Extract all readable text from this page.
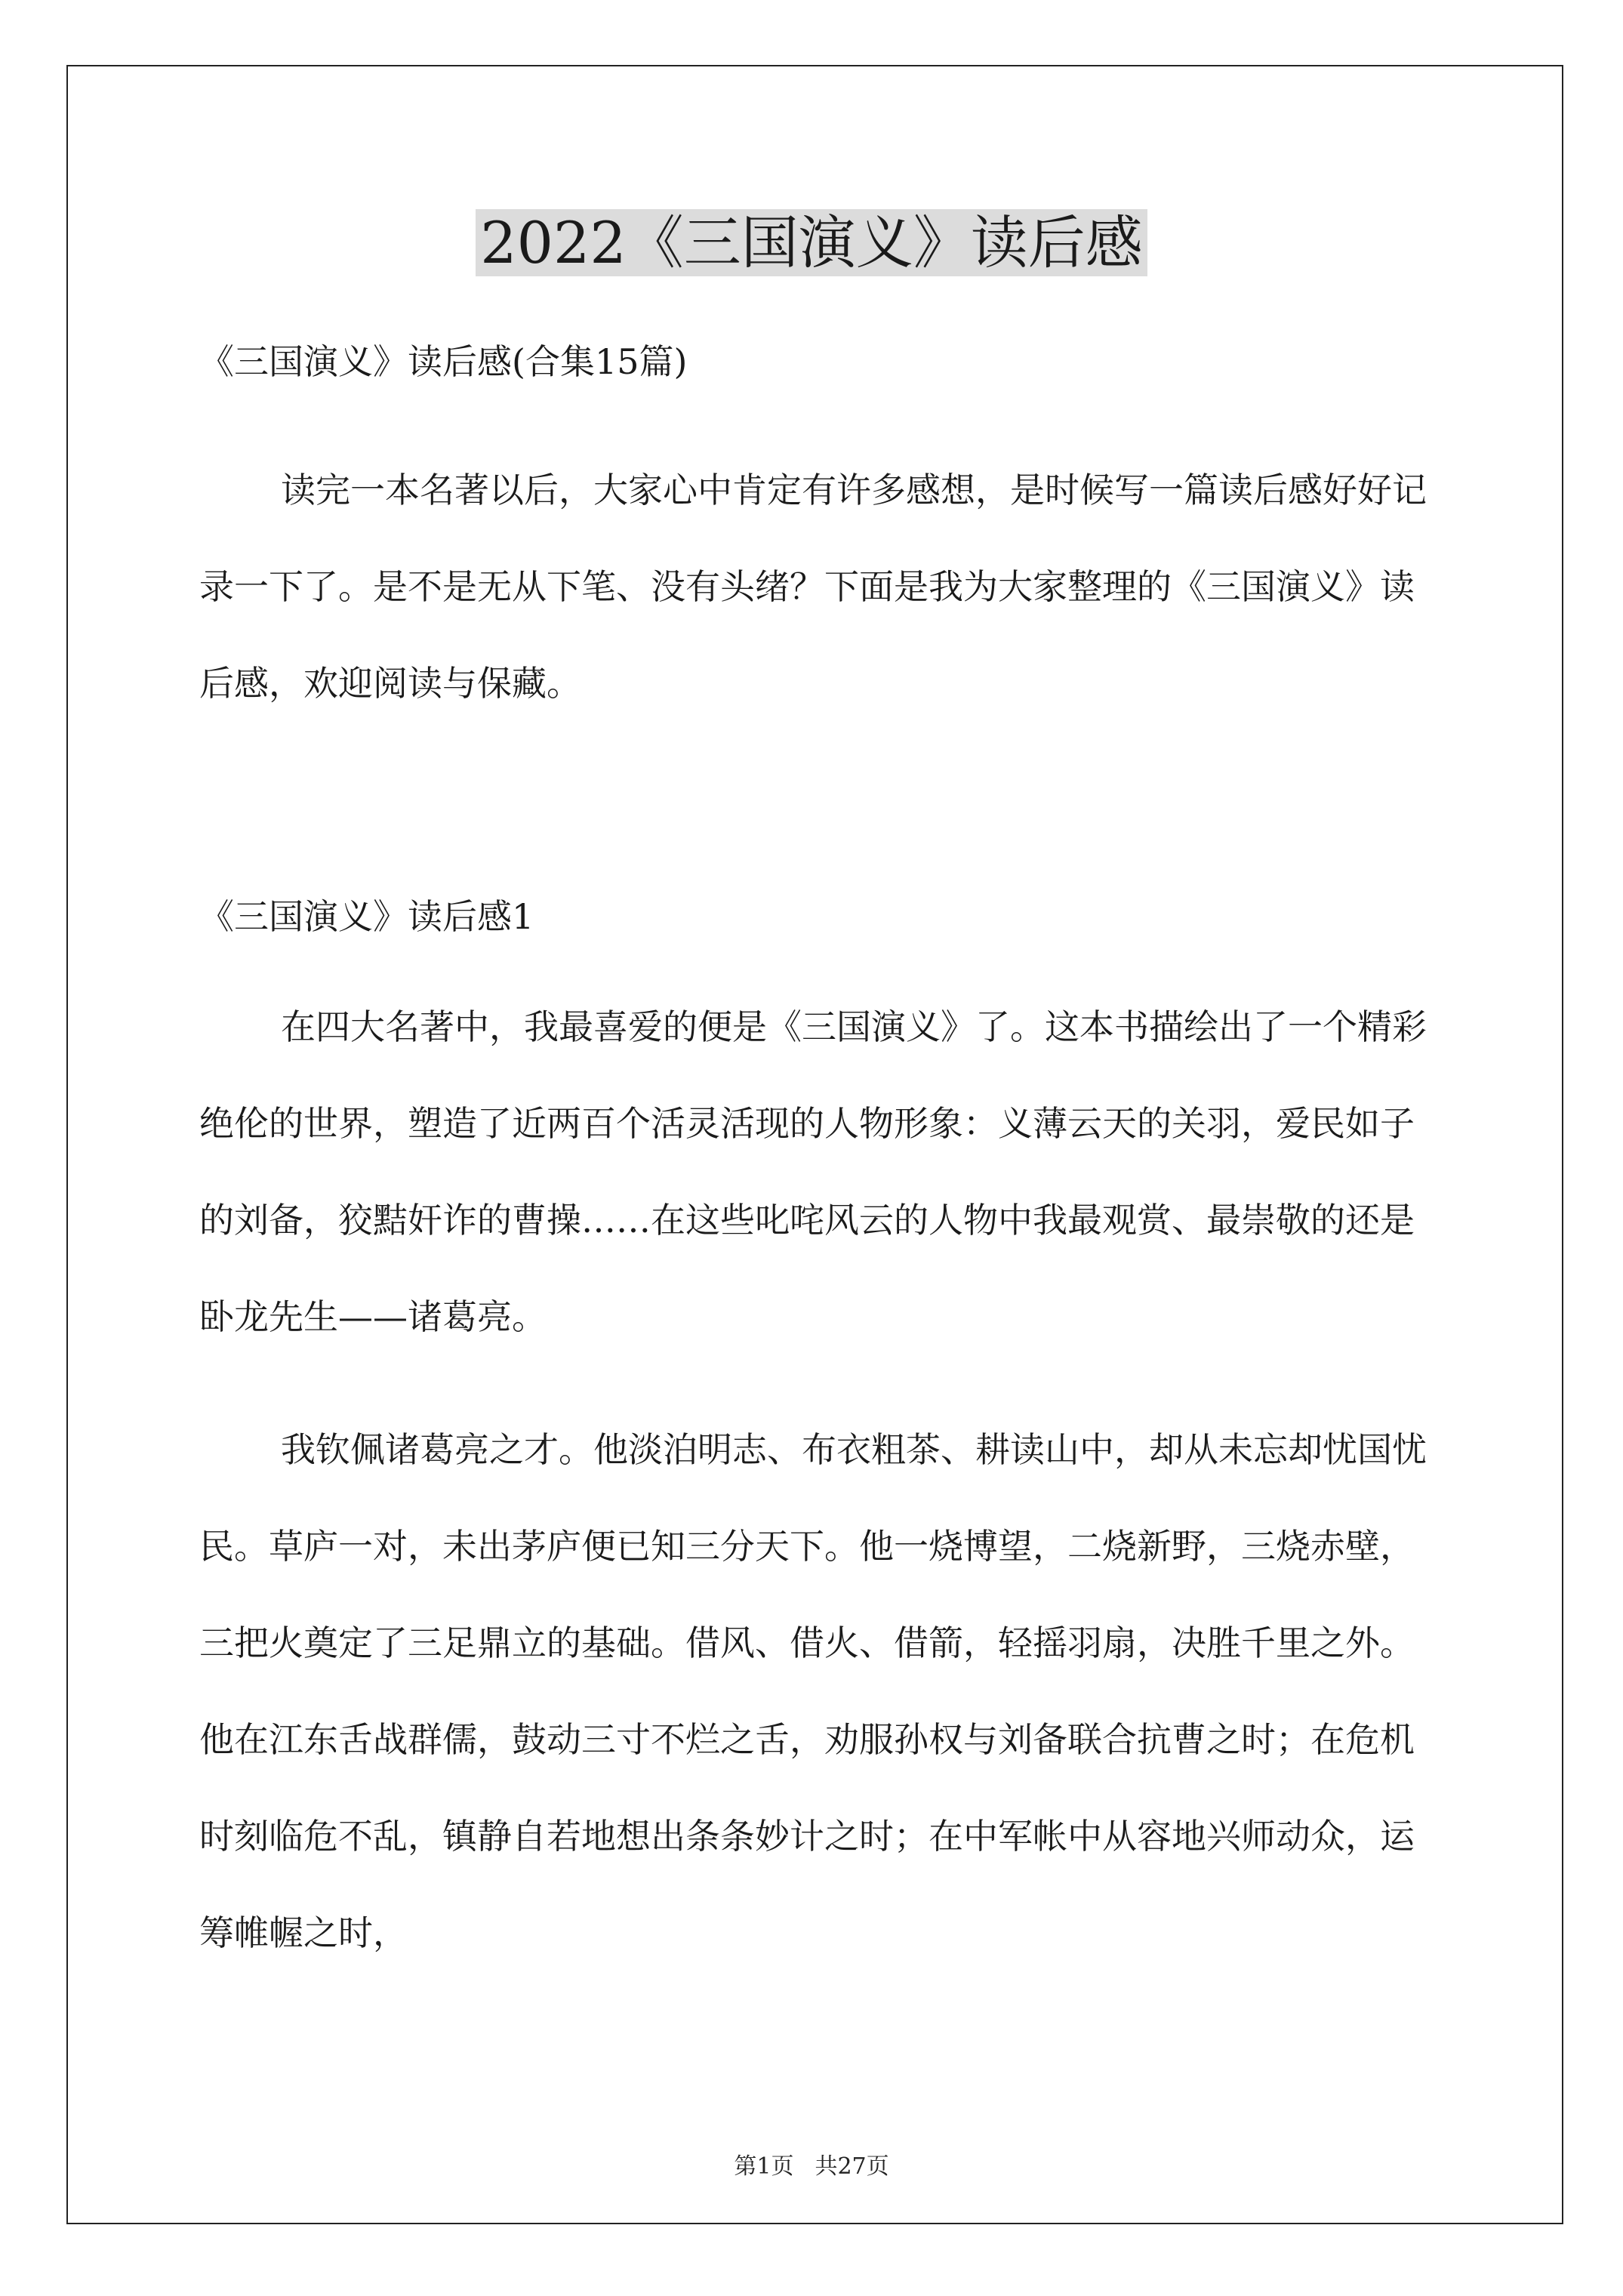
2022《三国演义》读后感

《三国演义》读后感(合集15篇)

读完一本名著以后，大家心中肯定有许多感想，是时候写一篇读后感好好记录一下了。是不是无从下笔、没有头绪？下面是我为大家整理的《三国演义》读后感，欢迎阅读与保藏。

《三国演义》读后感1

在四大名著中，我最喜爱的便是《三国演义》了。这本书描绘出了一个精彩绝伦的世界，塑造了近两百个活灵活现的人物形象：义薄云天的关羽，爱民如子的刘备，狡黠奸诈的曹操……在这些叱咤风云的人物中我最观赏、最崇敬的还是卧龙先生——诸葛亮。

我钦佩诸葛亮之才。他淡泊明志、布衣粗茶、耕读山中，却从未忘却忧国忧民。草庐一对，未出茅庐便已知三分天下。他一烧博望，二烧新野，三烧赤壁，三把火奠定了三足鼎立的基础。借风、借火、借箭，轻摇羽扇，决胜千里之外。他在江东舌战群儒，鼓动三寸不烂之舌，劝服孙权与刘备联合抗曹之时；在危机时刻临危不乱，镇静自若地想出条条妙计之时；在中军帐中从容地兴师动众，运筹帷幄之时，

第1页 共27页
